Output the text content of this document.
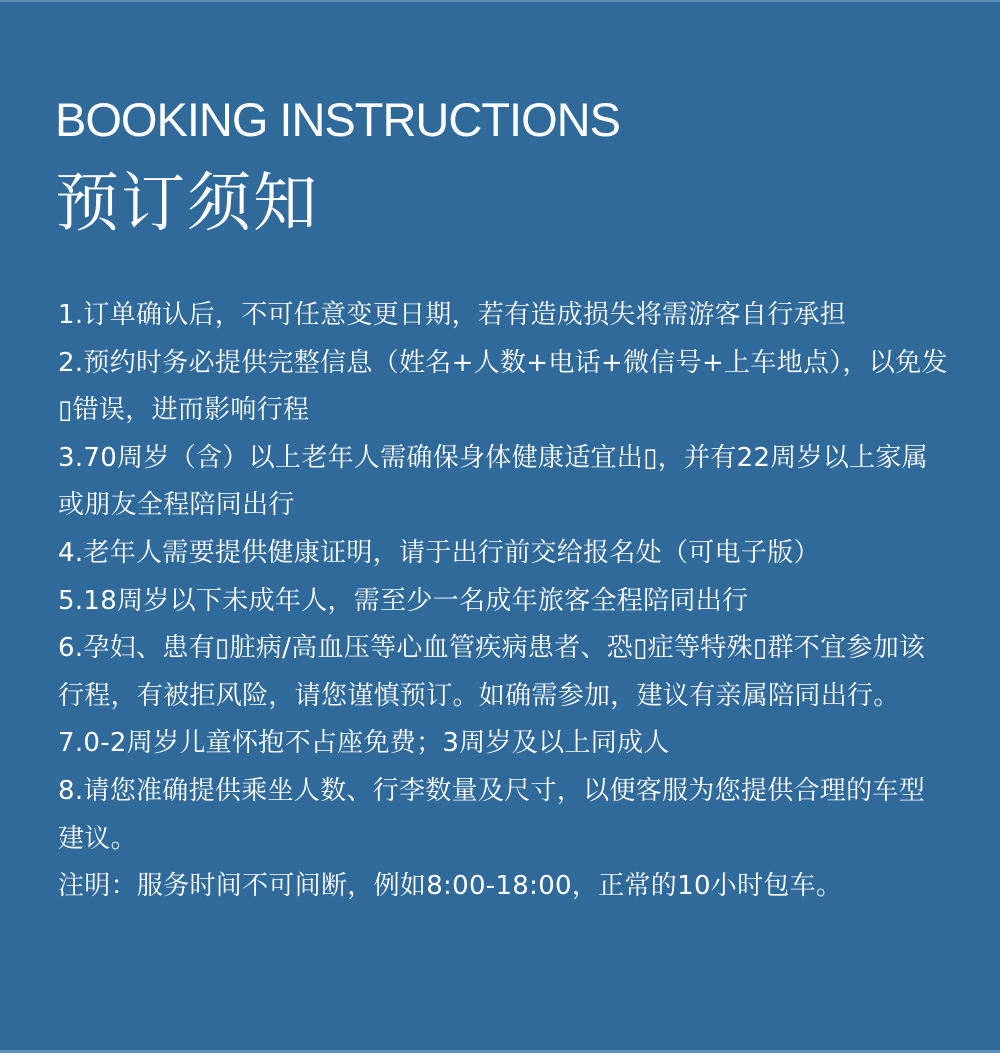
BOOKING INSTRUCTIONS
预订须知

1.订单确认后，不可任意变更日期，若有造成损失将需游客自行承担

2.预约时务必提供完整信息（姓名+人数+电话+微信号+上车地点），以免发▯错误，进而影响行程

3.70周岁（含）以上老年人需确保身体健康适宜出▯，并有22周岁以上家属或朋友全程陪同出行

4.老年人需要提供健康证明，请于出行前交给报名处（可电子版）

5.18周岁以下未成年人，需至少一名成年旅客全程陪同出行

6.孕妇、患有▯脏病/高血压等心血管疾病患者、恐▯症等特殊▯群不宜参加该行程，有被拒风险，请您谨慎预订。如确需参加，建议有亲属陪同出行。

7.0-2周岁儿童怀抱不占座免费；3周岁及以上同成人

8.请您准确提供乘坐人数、行李数量及尺寸，以便客服为您提供合理的车型建议。

注明：服务时间不可间断，例如8:00-18:00，正常的10小时包车。
